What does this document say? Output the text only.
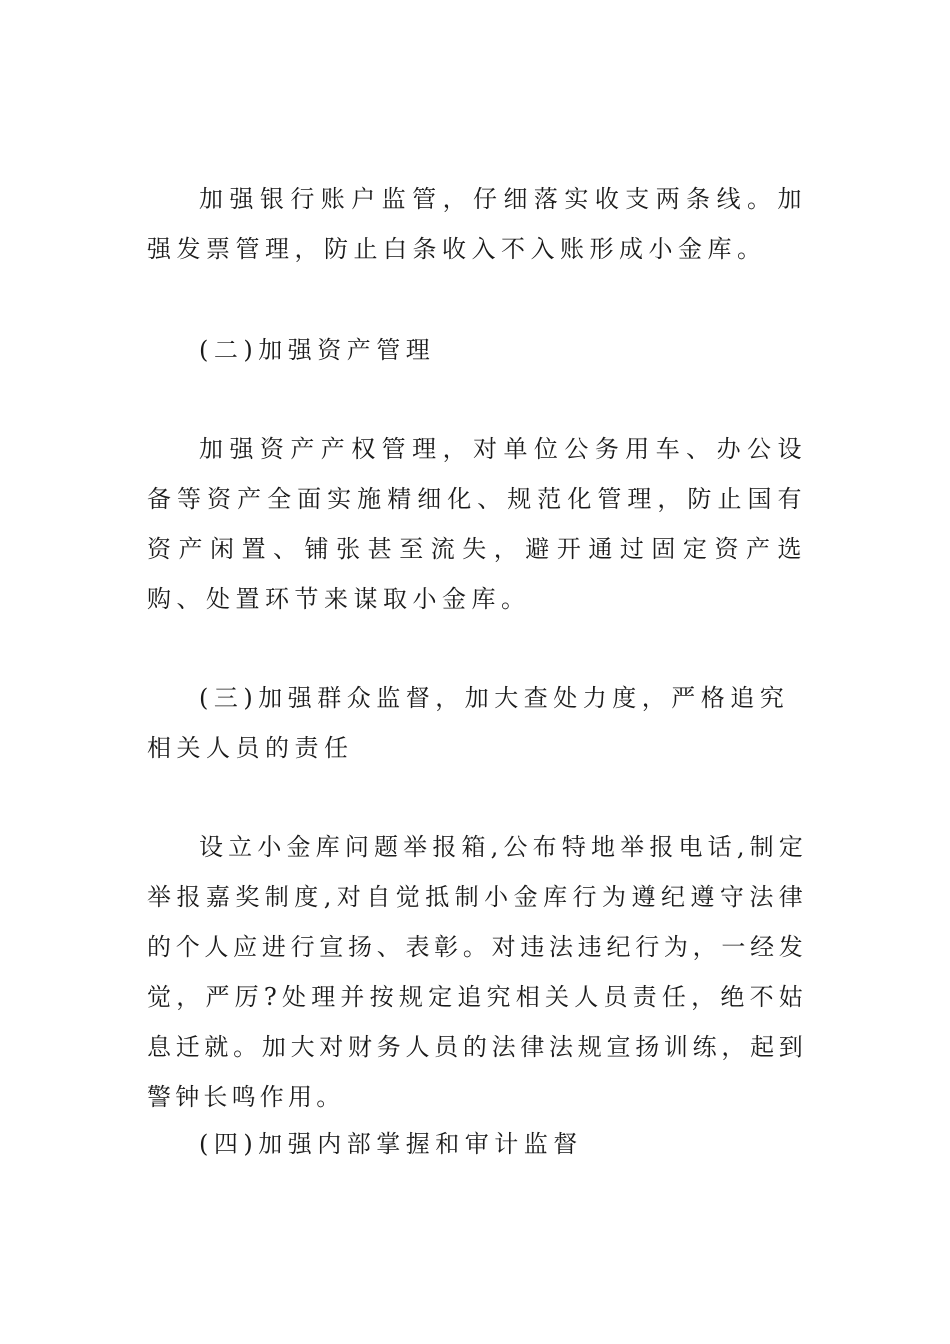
加强银行账户监管，仔细落实收支两条线。加强发票管理，防止白条收入不入账形成小金库。

(二)加强资产管理

加强资产产权管理，对单位公务用车、办公设备等资产全面实施精细化、规范化管理，防止国有资产闲置、铺张甚至流失，避开通过固定资产选购、处置环节来谋取小金库。

(三)加强群众监督，加大查处力度，严格追究相关人员的责任

设立小金库问题举报箱,公布特地举报电话,制定举报嘉奖制度,对自觉抵制小金库行为遵纪遵守法律的个人应进行宣扬、表彰。对违法违纪行为，一经发觉，严厉?处理并按规定追究相关人员责任，绝不姑息迁就。加大对财务人员的法律法规宣扬训练，起到警钟长鸣作用。

(四)加强内部掌握和审计监督
